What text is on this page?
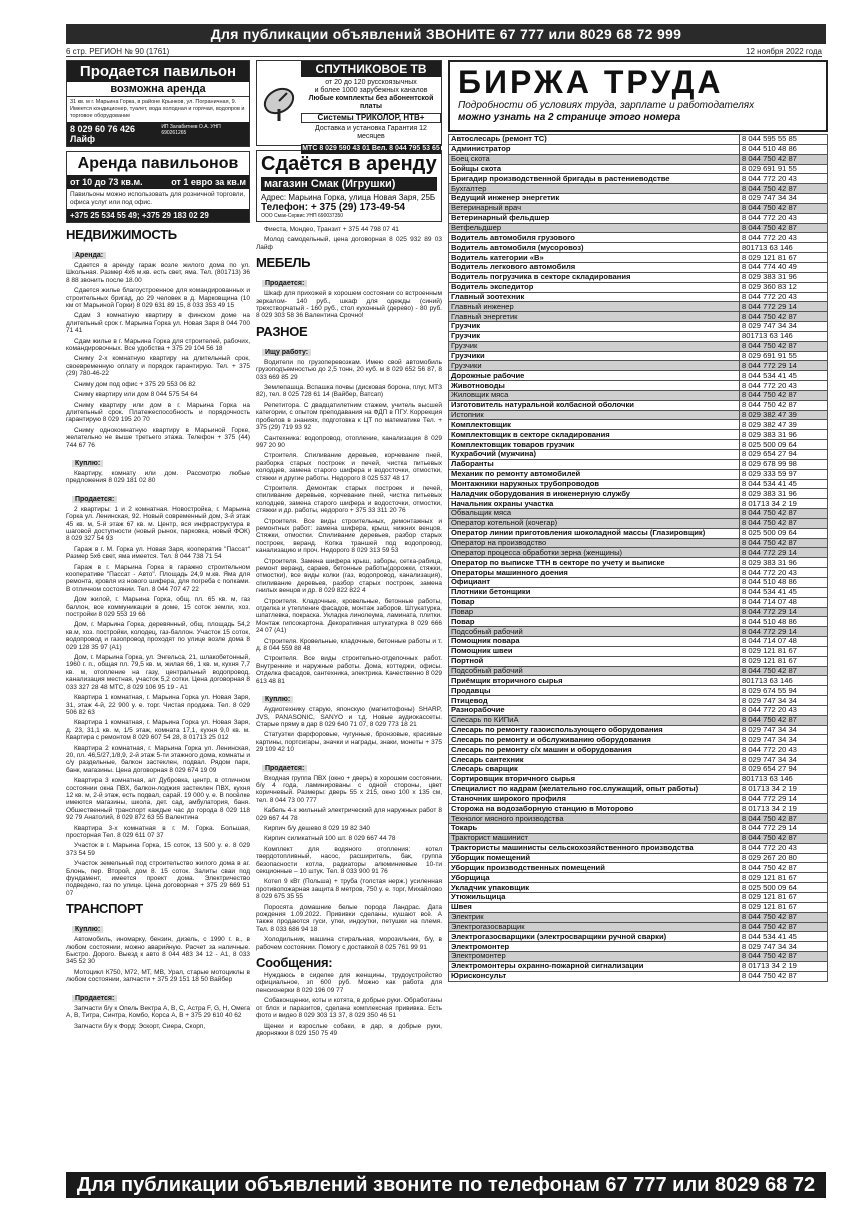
Для публикации объявлений ЗВОНИТЕ 67 777 или 8029 68 72 999
6 стр. РЕГИОН № 90 (1761)	12 ноября 2022 года
Продается павильон
возможна аренда
31 кв. м г. Марьина Горка, в районе Крынков, ул. Пограничная, 9. Имеется кондиционер, туалет, вода холодная и горячая, водопров и торговое оборудование
8 029 60 76 426 Лайф
ИП Залабитнев О.А. УНП 690261265
Аренда павильонов
от 10 до 73 кв.м.	от 1 евро за кв.м
Павильоны можно использовать для розничной торговли, офиса услуг или под офис.
+375 25 534 55 49; +375 29 183 02 29
НЕДВИЖИМОСТЬ
Аренда:

Сдается в аренду гараж возле жилого дома по ул. Школьная. Размер 4х6 м.кв. есть свет, яма. Тел. (801713) 36 8 88 звонить после 18.00

Сдается жилье благоустроенное для командированных и строительных бригад, до 29 человек в д. Марковщина (10 км от Марьиной Горки) 8 029 631 89 15, 8 033 353 49 15

Сдам 3 комнатную квартиру в финском доме на длительный срок г. Марьина Горка ул. Новая Заря 8 044 700 71 41

Сдам жилье в г. Марьина Горка для строителей, рабочих, командировочных. Все удобства + 375 29 104 56 18

Сниму 2-х комнатную квартиру на длительный срок, своевременную оплату и порядок гарантирую. Тел. + 375 (29) 780-46-22

Сниму дом под офис + 375 29 553 06 82

Сниму квартиру или дом 8 044 575 54 64

Сниму квартиру или дом в г. Марьина Горка на длительный срок. Платежеспособность и порядочность гарантирую 8 029 195 20 70

Сниму однокомнатную квартиру в Марьиной Горке, желательно не выше третьего этажа. Телефон + 375 (44) 744 67 76

Куплю:

Квартиру, комнату или дом. Рассмотрю любые предложения 8 029 181 02 80

Продается:

2 квартиры: 1 и 2 комнатная. Новостройка, г. Марьина Горка ул. Ленинская, 92. Новый современный дом, 3-й этаж 45 кв. м, 5-й этаж 67 кв. м. Центр, вся инфраструктура в шаговой доступности (новый рынок, парковка, новый ФОК) 8 029 327 54 93

Гараж в г. М. Горка ул. Новая Заря, кооператив "Пассат" Размер 5х6 свет, яма имеется. Тел. 8 044 738 71 54

Гараж в г. Марьина Горка в гаражно строительном кооперативе "Пассат - Авто". Площадь 24,9 м.кв. Яма для ремонта, кровля из нового шифера, для погреба с полками. В отличном состоянии. Тел. 8 044 707 47 22

Дом жилой, г. Марьина Горка, общ. пл. 65 кв. м, газ баллон, все коммуникации в доме, 15 соток земли, хоз. постройки 8 029 553 19 66

Дом, г. Марьина Горка, деревянный, общ. площадь 54,2 кв.м, хоз. постройки, колодец, газ-баллон. Участок 15 соток, водопровод и газопровод проходят по улице возле дома 8 029 128 35 97 (А1)

Дом, г. Марьина Горка, ул. Энгельса, 21, шлакобетонный, 1960 г. п., общая пл. 79,5 кв. м, жилая 66, 1 кв. м, кухня 7,7 кв. м, отопление на газу, центральный водопровод, канализация местная, участок 5,2 сотки. Цена договорная 8 033 327 28 48 МТС, 8 029 106 95 19 - А1

Квартира 1 комнатная, г. Марьина Горка ул. Новая Заря, 31, этаж 4-й, 22 900 у. е. торг. Чистая продажа. Тел. 8 029 506 82 63

Квартира 1 комнатная, г. Марьина Горка ул. Новая Заря, д. 23, 31,1 кв. м, 1/5 этаж, комната 17,1, кухня 9,0 кв. м. Квартира с ремонтом 8 029 607 54 28, 8 01713 25 012

Квартира 2 комнатная, г. Марьина Горка ул. Ленинская, 20, пл. 46,5/27,1/8,9, 2-й этаж 5-ти этажного дома, комнаты и с/у раздельные, балкон застеклен, подвал. Рядом парк, банк, магазины. Цена договорная 8 029 674 19 09

Квартира 3 комнатная, а/г Дубровка, центр, в отличном состоянии окна ПВХ, балкон-лоджия застеклен ПВХ, кухня 12 кв. м, 2-й этаж, есть подвал, сарай. 19 000 у. е. В посёлке имеются магазины, школа, дет. сад, амбулатория, баня. Обшественный транспорт каждые час до города 8 029 118 92 79 Анатолий, 8 029 872 63 55 Валентина

Квартира 3-х комнатная в г. М. Горка. Большая, просторная Тел. 8 029 611 07 37

Участок в г. Марьина Горка, 15 соток, 13 500 у. е. 8 029 373 54 59

Участок земельный под строительство жилого дома в аг. Блонь, пер. Второй, дом 8. 15 соток. Залиты сваи под фундамент, имеется проект дома. Электричество подведено, газ по улице. Цена договорная + 375 29 669 51 07

ТРАНСПОРТ
Куплю:

Автомобиль, иномарку, бензин, дизель, с 1990 г. в., в любом состоянии, можно аварийную. Расчет за наличные. Быстро. Дорого. Выезд к авто 8 044 483 34 12 - А1, 8 033 345 52 30

Мотоцикл К750, М72, МТ, МВ, Урал, старые мотоциклы в любом состоянии, запчасти + 375 29 151 18 50 Вайбер

Продается:

Запчасти б/у к Опель Вектра А, В, С, Астра F, G, H, Омега А, В, Титра, Синтра, Комбо, Корса А, В + 375 29 610 40 62

Запчасти б/у к Форд: Эскорт, Сиера, Скорп,

СПУТНИКОВОЕ ТВ
от 20 до 120 русскоязычных
и более 1000 зарубежных каналов
Любые комплекты без абонентской платы
Системы ТРИКОЛОР, НТВ+
Доставка и установка Гарантия 12 месяцев
МТС 8 029 590 43 01 Вел. 8 044 795 53 65
Сдаётся в аренду
магазин Смак (Игрушки)
Адрес: Марьина Горка, улица Новая Заря, 25Б
Телефон: + 375 (29) 173-49-54
ООО Смак-Сервис УНП 690037350

Фиеста, Мондео, Транзит + 375 44 798 07 41

Молод самодельный, цена договорная 8 025 932 89 03 Лайф

МЕБЕЛЬ
Продается:

Шкаф для прихожей в хорошем состоянии со встроенным зеркалом- 140 руб., шкаф для одежды (синий) трехстворчатый - 160 руб., стол кухонный (дерево) - 80 руб. 8 029 303 58 36 Валентина Срочно!

РАЗНОЕ
Ищу работу:

Водители по грузоперевозкам. Имею свой автомобиль грузоподъемностью до 2,5 тонн, 20 куб. м 8 029 652 56 87, 8 033 669 85 29

Землепашца. Вспашка почвы (дисковая борона, плуг, МТЗ 82), тел. 8 025 728 61 14 (Вайбер, Ватсап)

Репетитора. С двадцатилетним стажем, учитель высшей категории, с опытом преподавания на ФДП в ПГУ. Коррекция пробелов в знаниях, подготовка к ЦТ по математике Тел. + 375 (29) 719 93 92

Сантехника: водопровод, отопление, канализация 8 029 997 20 90

Строителя. Спиливание деревьев, корчевание пней, разборка старых построек и печей, чистка питьевых колодцев, замена старого шифера и водосточки, отмостки, стяжки и другие работы. Недорого 8 025 537 48 17

Строителя. Демонтаж старых построек и печей, спиливание деревьев, корчевание пней, чистка питьевых колодцев, замена старого шифера и водосточки, отмостки, стяжки и др. работы, недорого + 375 33 311 20 76

Строителя. Все виды строительных, демонтажных и ремонтных работ: замена шифера, крыш, нижних венцов. Стяжки, отмостки. Спиливание деревьев, разбор старых построек, веранд. Копка траншей под водопровод, канализацию и проч. Недорого 8 029 313 59 53

Строителя. Замена шифера крыш, заборы, сетка-рабица, ремонт веранд, сараев, бетонные работы(дорожки, стяжки, отмостки), все виды колки (газ, водопровод, канализация), спиливание деревьев, разбор старых построек, замена гнилых венцов и др. 8 029 822 822 4

Строителя. Кладочные, кровельные, бетонные работы, отделка и утепление фасадов, монтаж заборов. Штукатурка, шпатлевка, покраска. Укладка линолеума, ламината, плитки. Монтаж гипсокартона. Декоративная штукатурка 8 029 666 24 07 (А1)

Строителя. Кровельные, кладочные, бетонные работы и т. д. 8 044 559 88 48

Строителя. Все виды строительно-отделочных работ. Внутренние и наружные работы. Дома, коттеджи, офисы. Отделка фасадов, сантехника, электрика. Качественно 8 029 613 48 81

Куплю:

Аудиотехнику старую, японскую (магнитофоны) SHARP, JVS, PANASONIC, SANYO и т.д. Новые аудиокассеты. Старые пряму в дар 8 029 640 71 07, 8 029 773 18 21

Статуэтки фарфоровые, чугунные, бронзовые, красивые картины, портсигары, значки и награды, знаки, монеты + 375 29 109 42 10

Продается:

Входная группа ПВХ (окно + дверь) в хорошем состоянии, б/у 4 года, ламинированы с одной стороны, цвет коричневый. Размеры: дверь 55 х 215, окно 100 х 135 см, тел. 8 044 73 00 777

Кабель 4-х жильный электрический для наружных работ 8 029 667 44 78

Кирпич б/у дешево 8 029 19 82 340

Кирпич силикатный 100 шт. 8 029 667 44 78

Комплект для водяного отопления: котел твердотопливный, насос, расширитель, бак, группа безопасности котла, радиаторы алюминиевые 10-ти секционные – 10 штук. Тел. 8 033 900 91 76

Котел 9 кВт (Польша) + труба (толстая нерж.) усиленная противопожарная защита 8 метров, 750 у. е. торг, Михайлово 8 029 675 35 55

Поросята домашние белые порода Ландрас. Дата рождения 1.09.2022. Прививки сделаны, кушают всё. А также продаются гуси, утки, индоутки, петушки на племя. Тел. 8 033 686 94 18

Холодильник, машина стиральная, морозильник, б/у, в рабочем состоянии. Помогу с доставкой 8 025 761 99 91

Сообщения:

Нуждаюсь в сиделке для женщины, трудоустройство официальное, зп 600 руб. Можно как работа для пенсионерки 8 029 196 09 77

Собаконщенки, коты и котята, в добрые руки. Обработаны от блох и паразитов, сделана комплексная прививка. Есть фото и видео 8 029 303 13 37, 8 029 350 46 51

Щенки и взрослые собаки, в дар, в добрые руки, дворняжки 8 029 150 75 49

БИРЖА ТРУДА
Подробности об условиях труда, зарплате и работодателях
можно узнать на 2 странице этого номера
Автослесарь (ремонт ТС)	8 044 595 55 85
Администратор	8 044 510 48 86
Боец скота	8 044 750 42 87
Бойщы скота	8 029 691 91 55
Бригадир производственной бригады в растениеводстве	8 044 772 20 43
Бухгалтер	8 044 750 42 87
Ведущий инженер энергетик	8 029 747 34 34
Ветеринарный врач	8 044 750 42 87
Ветеринарный фельдшер	8 044 772 20 43
Ветфельдшер	8 044 750 42 87
Водитель автомобиля грузового	8 044 772 20 43
Водитель автомобиля (мусоровоз)	801713 63 146
Водитель категории «В»	8 029 121 81 67
Водитель легкового автомобиля	8 044 774 40 49
Водитель погрузчика в секторе складирования	8 029 383 31 96
Водитель экспедитор	8 029 360 83 12
Главный зоотехник	8 044 772 20 43
Главный инженер	8 044 772 29 14
Главный энергетик	8 044 750 42 87
Грузчик	8 029 747 34 34
Грузчик	801713 63 146
Грузчик	8 044 750 42 87
Грузчики	8 029 691 91 55
Грузчики	8 044 772 29 14
Дорожные рабочие	8 044 534 41 45
Животноводы	8 044 772 20 43
Жиловщик мяса	8 044 750 42 87
Изготовитель натуральной колбасной оболочки	8 044 750 42 87
Истопник	8 029 382 47 39
Комплектовщик	8 029 382 47 39
Комплектовщик в секторе складирования	8 029 383 31 96
Комплектовщик товаров грузчик	8 025 500 09 64
Кухрабочий (мужчина)	8 029 654 27 94
Лаборанты	8 029 678 99 98
Механик по ремонту автомобилей	8 029 333 59 97
Монтажники наружных трубопроводов	8 044 534 41 45
Наладчик оборудования в инженерную службу	8 029 383 31 96
Начальник охраны участка	8 01713 34 2 19
Обвальщик мяса	8 044 750 42 87
Оператор котельной (кочегар)	8 044 750 42 87
Оператор линии приготовления шоколадной массы (Глазировщик)	8 025 500 09 64
Оператор на производство	8 044 750 42 87
Оператор процесса обработки зерна (женщины)	8 044 772 29 14
Оператор по выписке ТТН в секторе по учету и выписке	8 029 383 31 96
Операторы машинного доения	8 044 772 20 43
Официант	8 044 510 48 86
Плотники бетонщики	8 044 534 41 45
Повар	8 044 714 07 48
Повар	8 044 772 29 14
Повар	8 044 510 48 86
Подсобный рабочий	8 044 772 29 14
Помощник повара	8 044 714 07 48
Помощник швеи	8 029 121 81 67
Портной	8 029 121 81 67
Подсобный рабочий	8 044 750 42 87
Приёмщик вторичного сырья	801713 63 146
Продавцы	8 029 674 55 94
Птицевод	8 029 747 34 34
Разнорабочие	8 044 772 20 43
Слесарь по КИПиА	8 044 750 42 87
Слесарь по ремонту газоиспользующего оборудования	8 029 747 34 34
Слесарь по ремонту и обслуживанию оборудования	8 029 747 34 34
Слесарь по ремонту с/х машин и оборудования	8 044 772 20 43
Слесарь сантехник	8 029 747 34 34
Слесарь сварщик	8 029 654 27 94
Сортировщик вторичного сырья	801713 63 146
Специалист по кадрам (желательно гос.служащий, опыт работы)	8 01713 34 2 19
Станочник широкого профиля	8 044 772 29 14
Сторожа на водозаборную станцию в Моторово	8 01713 34 2 19
Технолог мясного производства	8 044 750 42 87
Токарь	8 044 772 29 14
Тракторист машинист	8 044 750 42 87
Трактористы машинисты сельскохозяйственного производства	8 044 772 20 43
Уборщик помещений	8 029 267 20 80
Уборщик производственных помещений	8 044 750 42 87
Уборщица	8 029 121 81 67
Укладчик упаковщик	8 025 500 09 64
Утюжильщица	8 029 121 81 67
Швея	8 029 121 81 67
Электрик	8 044 750 42 87
Электрогазосварщик	8 044 750 42 87
Электрогазосварщики (электросварщики ручной сварки)	8 044 534 41 45
Электромонтер	8 029 747 34 34
Электромонтер	8 044 750 42 87
Электромонтеры охранно-пожарной сигнализации	8 01713 34 2 19
Юрисконсульт	8 044 750 42 87
Для публикации объявлений звоните по телефонам 67 777 или 8029 68 72 999
